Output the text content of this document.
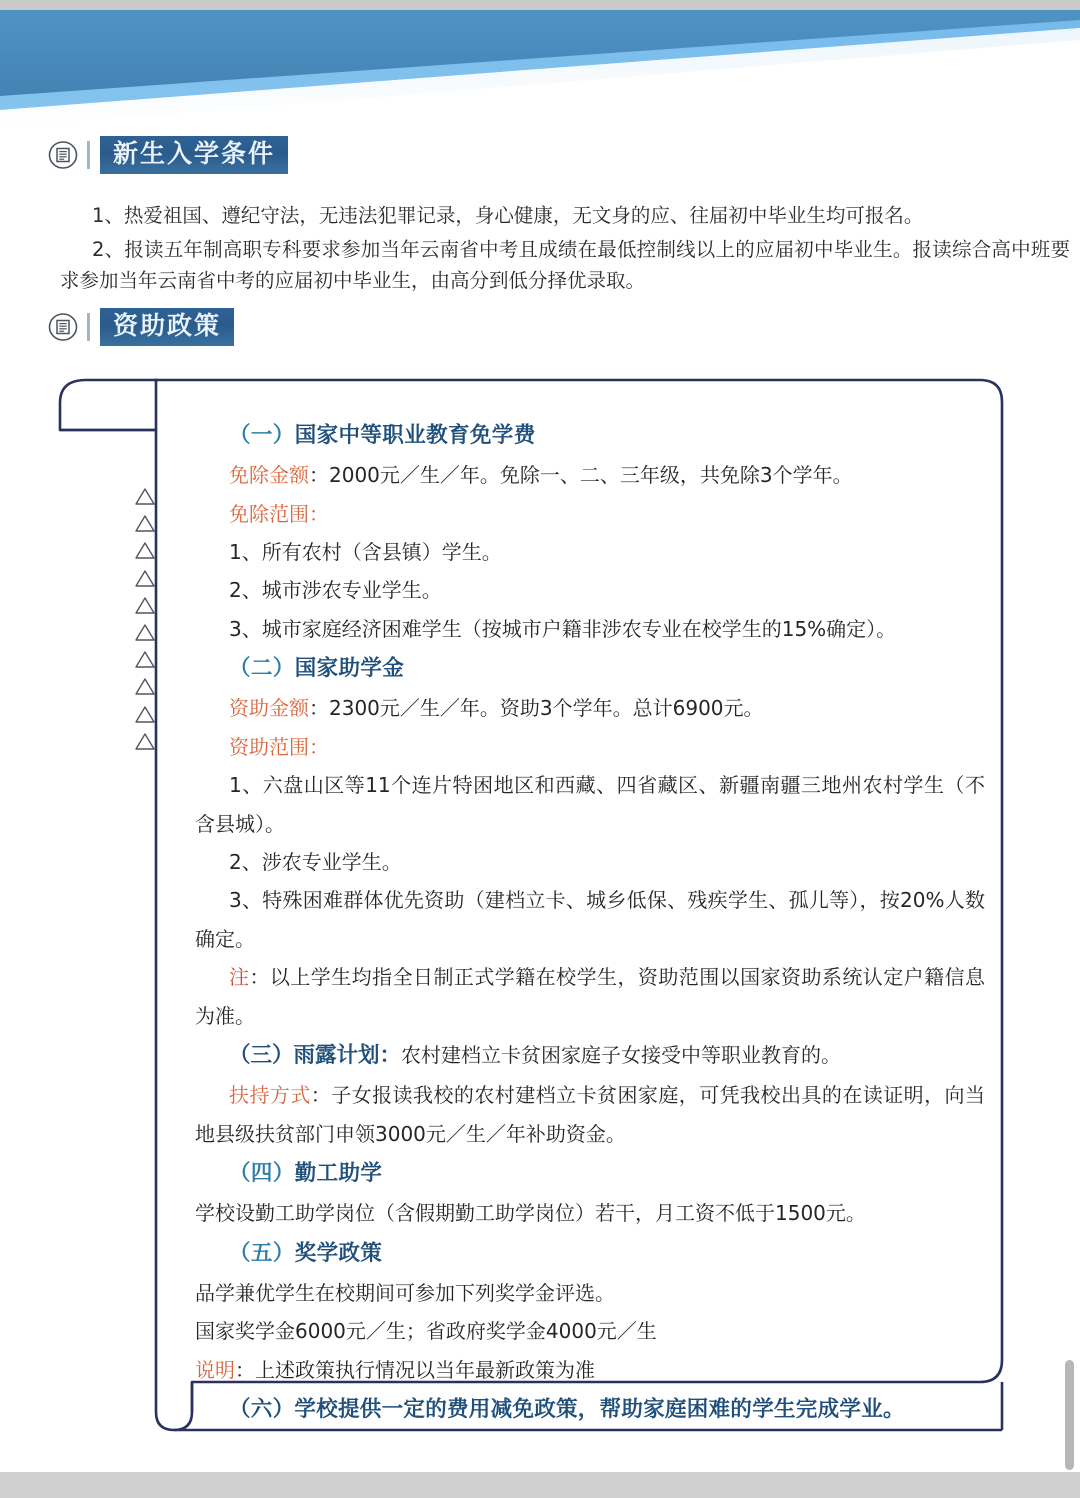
新生入学条件

1、热爱祖国、遵纪守法，无违法犯罪记录，身心健康，无文身的应、往届初中毕业生均可报名。

2、报读五年制高职专科要求参加当年云南省中考且成绩在最低控制线以上的应届初中毕业生。报读综合高中班要求参加当年云南省中考的应届初中毕业生，由高分到低分择优录取。

资助政策

（一）国家中等职业教育免学费

免除金额：2000元／生／年。免除一、二、三年级，共免除3个学年。

免除范围：

1、所有农村（含县镇）学生。

2、城市涉农专业学生。

3、城市家庭经济困难学生（按城市户籍非涉农专业在校学生的15%确定）。

（二）国家助学金

资助金额：2300元／生／年。资助3个学年。总计6900元。

资助范围：

1、六盘山区等11个连片特困地区和西藏、四省藏区、新疆南疆三地州农村学生（不含县城）。

2、涉农专业学生。

3、特殊困难群体优先资助（建档立卡、城乡低保、残疾学生、孤儿等），按20%人数确定。

注：以上学生均指全日制正式学籍在校学生，资助范围以国家资助系统认定户籍信息为准。

（三）雨露计划：农村建档立卡贫困家庭子女接受中等职业教育的。

扶持方式：子女报读我校的农村建档立卡贫困家庭，可凭我校出具的在读证明，向当地县级扶贫部门申领3000元／生／年补助资金。

（四）勤工助学

学校设勤工助学岗位（含假期勤工助学岗位）若干，月工资不低于1500元。

（五）奖学政策

品学兼优学生在校期间可参加下列奖学金评选。

国家奖学金6000元／生；省政府奖学金4000元／生

说明：上述政策执行情况以当年最新政策为准

（六）学校提供一定的费用减免政策，帮助家庭困难的学生完成学业。
